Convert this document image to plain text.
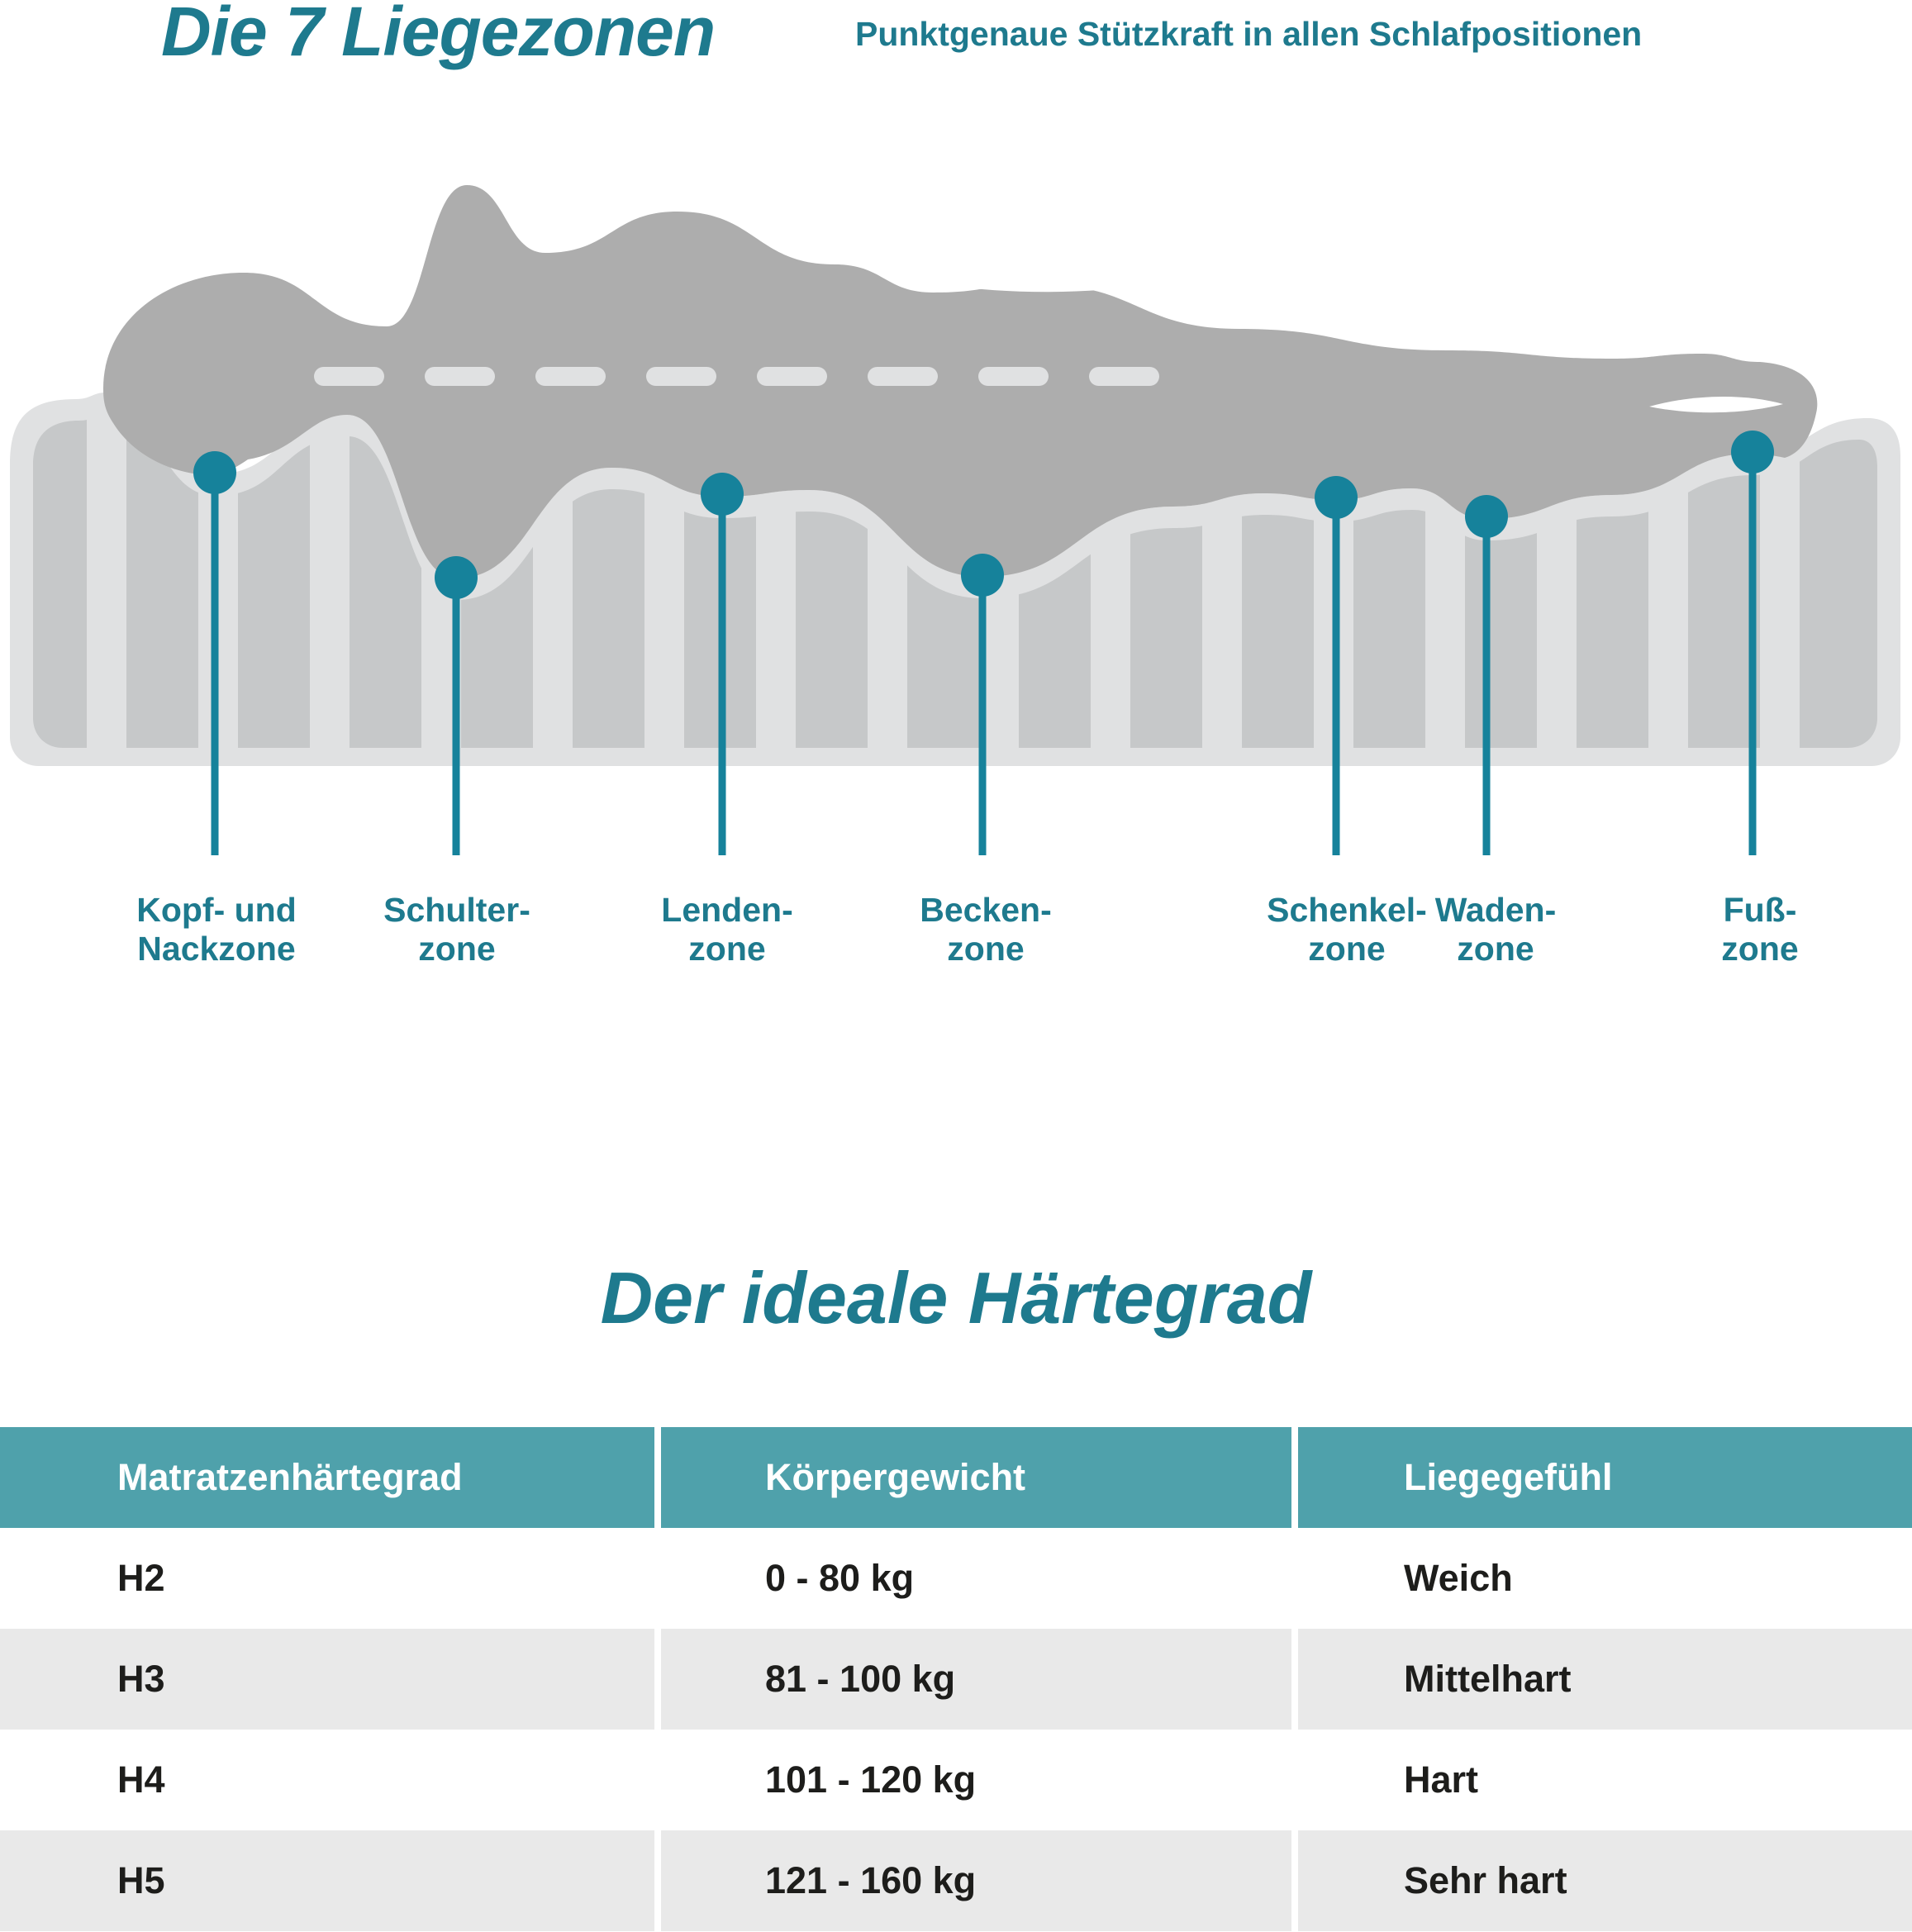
Die 7 Liegezonen	Punktgenaue Stützkraft in allen Schlafpositionen
Kopf- und
Nackzone
Schulter-
zone
Lenden-
zone
Becken-
zone
Schenkel-
zone
Waden-
zone
Fuß-
zone
Der ideale Härtegrad
Matratzenhärtegrad	Körpergewicht	Liegegefühl
H2	0 - 80 kg	Weich
H3	81 - 100 kg	Mittelhart
H4	101 - 120 kg	Hart
H5	121 - 160 kg	Sehr hart
